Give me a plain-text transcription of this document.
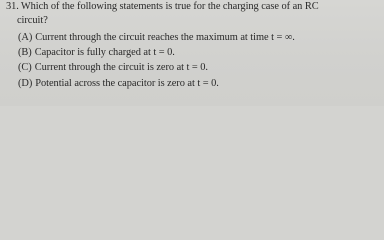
31. Which of the following statements is true for the charging case of an RC
circuit?
(A) Current through the circuit reaches the maximum at time t = ∞.
(B) Capacitor is fully charged at t = 0.
(C) Current through the circuit is zero at t = 0.
(D) Potential across the capacitor is zero at t = 0.
